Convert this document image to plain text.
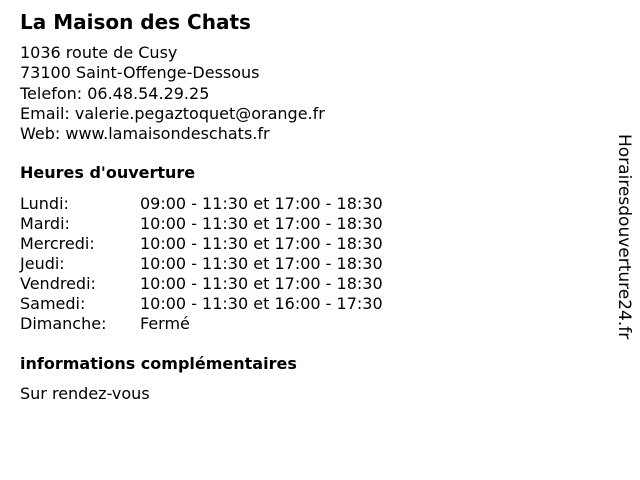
La Maison des Chats
1036 route de Cusy
73100 Saint-Offenge-Dessous
Telefon: 06.48.54.29.25
Email: valerie.pegaztoquet@orange.fr
Web: www.lamaisondeschats.fr
Heures d'ouverture
Lundi:	09:00 - 11:30 et 17:00 - 18:30
Mardi:	10:00 - 11:30 et 17:00 - 18:30
Mercredi:	10:00 - 11:30 et 17:00 - 18:30
Jeudi:	10:00 - 11:30 et 17:00 - 18:30
Vendredi:	10:00 - 11:30 et 17:00 - 18:30
Samedi:	10:00 - 11:30 et 16:00 - 17:30
Dimanche:	Fermé
informations complémentaires
Sur rendez-vous
Horairesdouverture24.fr
